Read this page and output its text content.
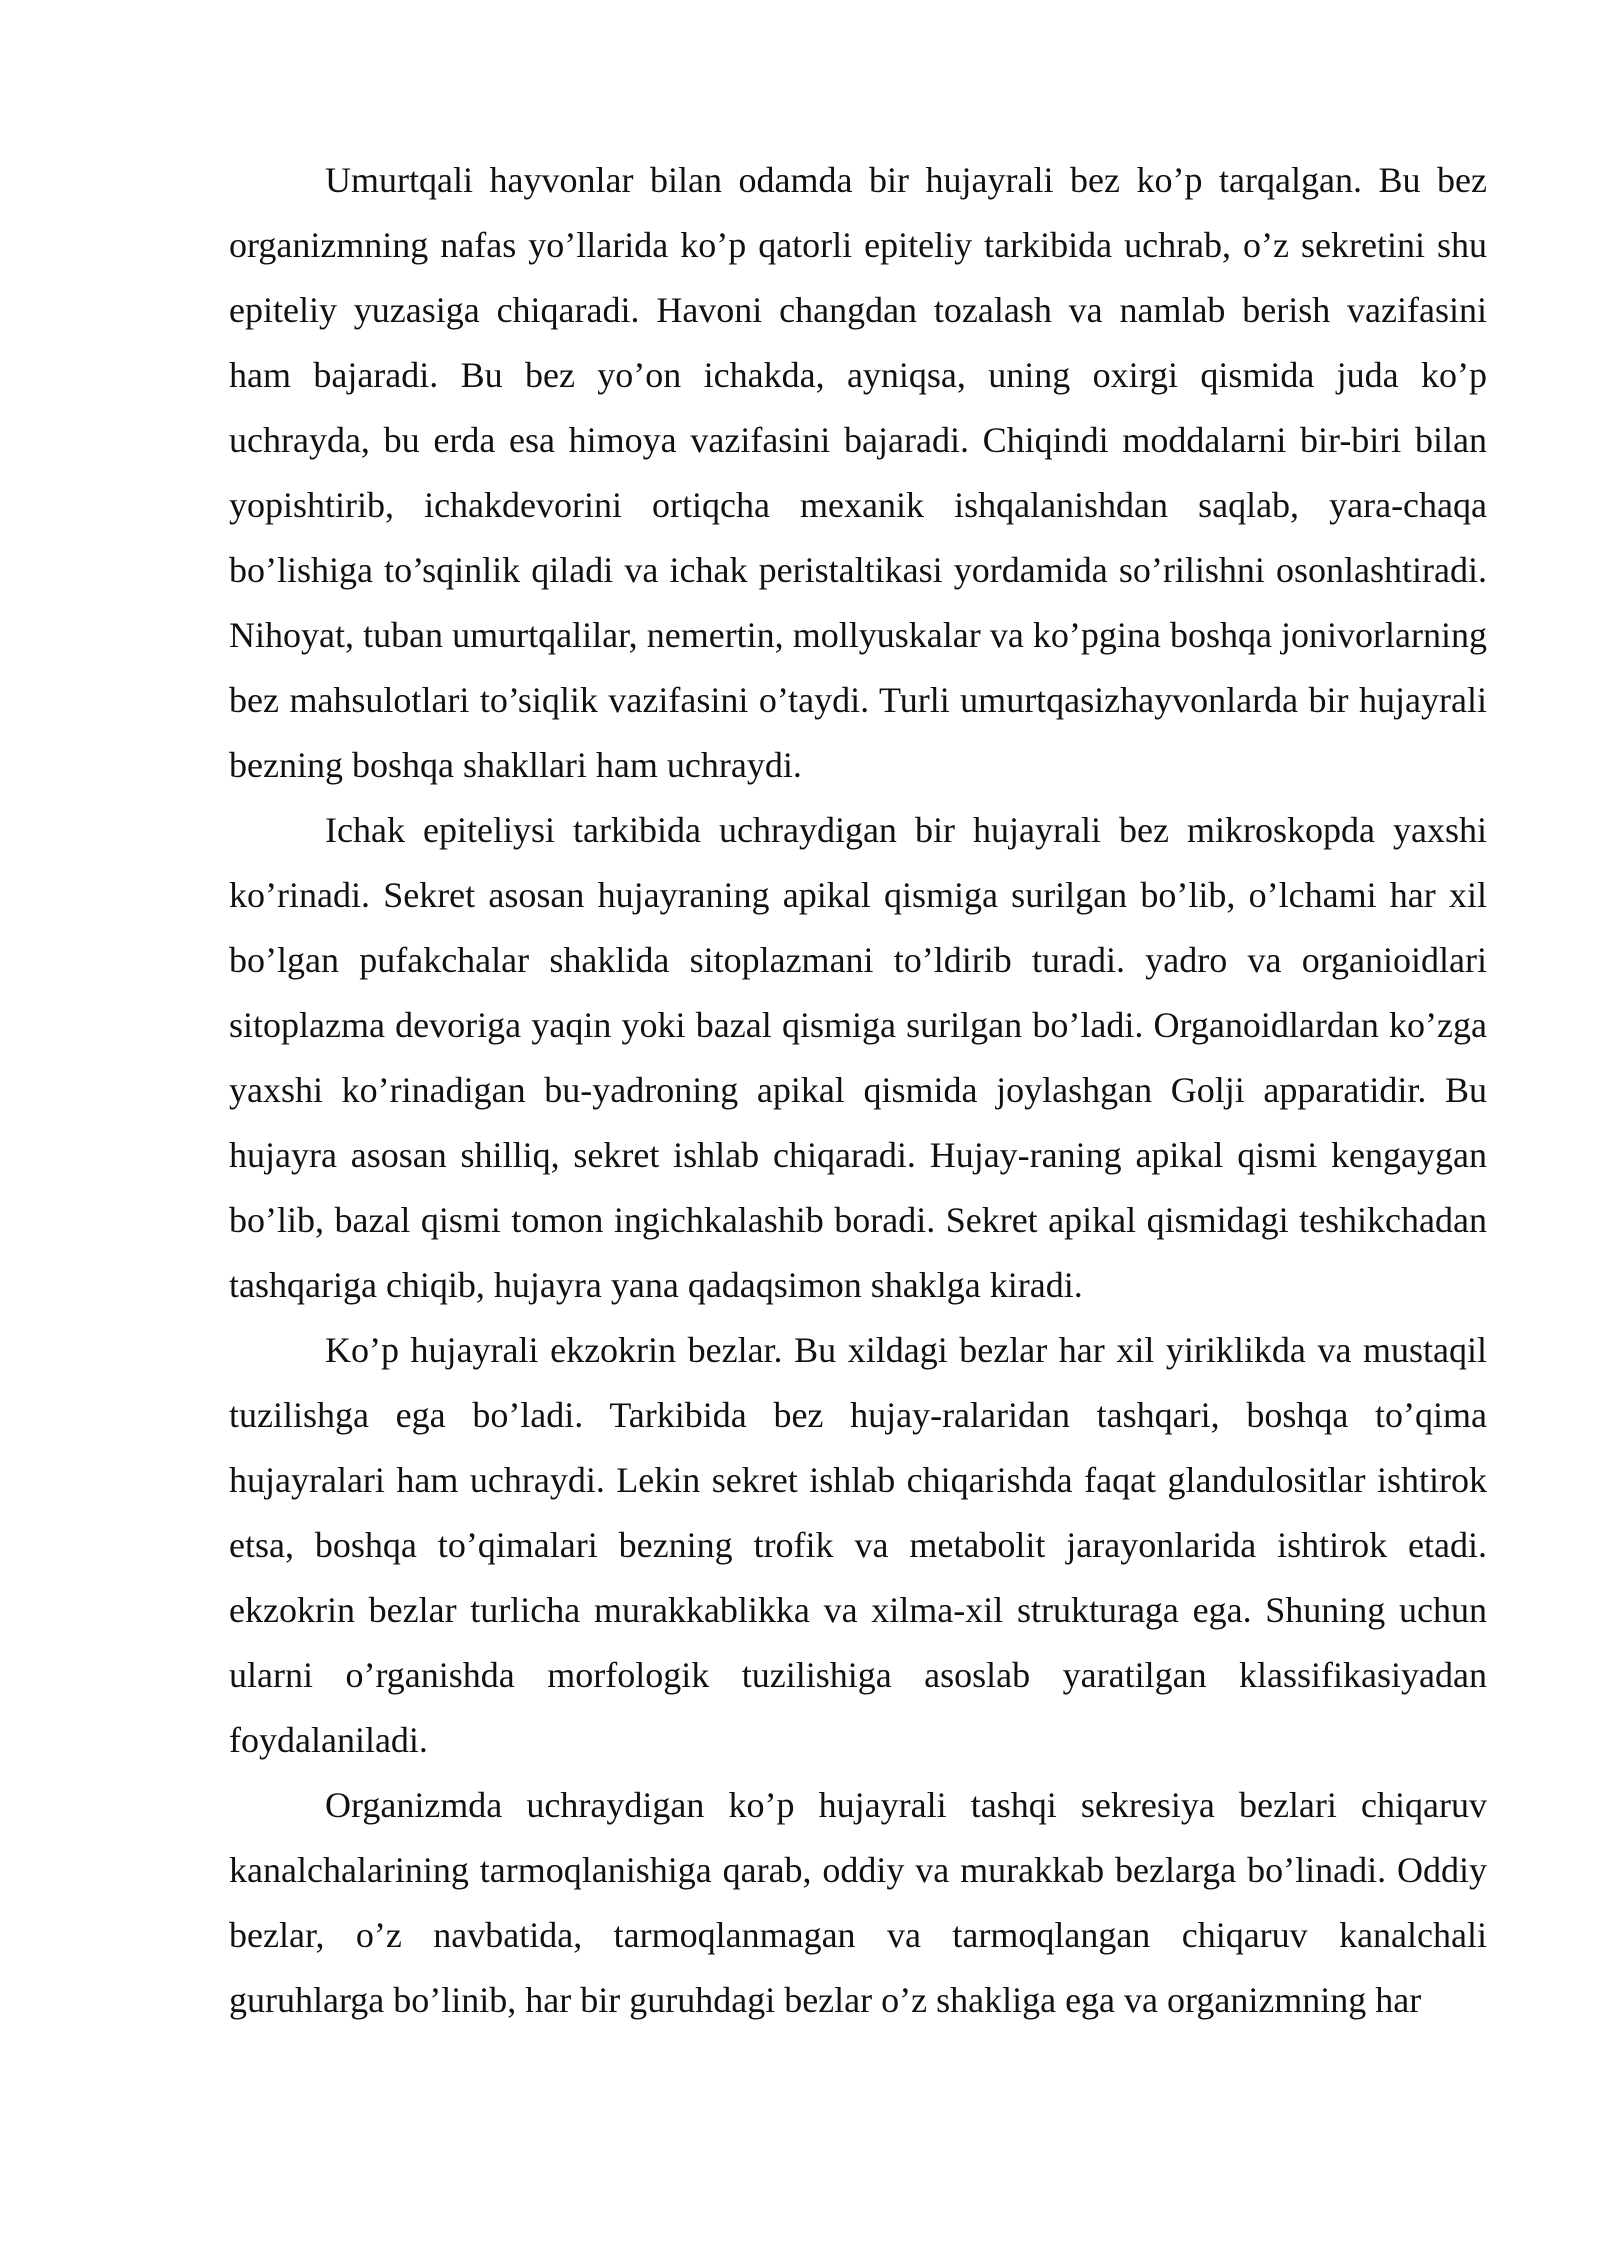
Umurtqali hayvonlar bilan odamda bir hujayrali bez ko’p tarqalgan. Bu bez organizmning nafas yo’llarida ko’p qatorli epiteliy tarkibida uchrab, o’z sekretini shu epiteliy yuzasiga chiqaradi. Havoni changdan tozalash va namlab berish vazifasini ham bajaradi. Bu bez yo’on ichakda, ayniqsa, uning oxirgi qismida juda ko’p uchrayda, bu erda esa himoya vazifasini bajaradi. Chiqindi moddalarni bir-biri bilan yopishtirib, ichakdevorini ortiqcha mexanik ishqalanishdan saqlab, yara-chaqa bo’lishiga to’sqinlik qiladi va ichak peristaltikasi yordamida so’rilishni osonlashtiradi. Nihoyat, tuban umurtqalilar, nemertin, mollyuskalar va ko’pgina boshqa jonivorlarning bez mahsulotlari to’siqlik vazifasini o’taydi. Turli umurtqasizhayvonlarda bir hujayrali bezning boshqa shakllari ham uchraydi.

Ichak epiteliysi tarkibida uchraydigan bir hujayrali bez mikroskopda yaxshi ko’rinadi. Sekret asosan hujayraning apikal qismiga surilgan bo’lib, o’lchami har xil bo’lgan pufakchalar shaklida sitoplazmani to’ldirib turadi. yadro va organioidlari sitoplazma devoriga yaqin yoki bazal qismiga surilgan bo’ladi. Organoidlardan ko’zga yaxshi ko’rinadigan bu-yadroning apikal qismida joylashgan Golji apparatidir. Bu hujayra asosan shilliq, sekret ishlab chiqaradi. Hujay-raning apikal qismi kengaygan bo’lib, bazal qismi tomon ingichkalashib boradi. Sekret apikal qismidagi teshikchadan tashqariga chiqib, hujayra yana qadaqsimon shaklga kiradi.

Ko’p hujayrali ekzokrin bezlar. Bu xildagi bezlar har xil yiriklikda va mustaqil tuzilishga ega bo’ladi. Tarkibida bez hujay-ralaridan tashqari, boshqa to’qima hujayralari ham uchraydi. Lekin sekret ishlab chiqarishda faqat glandulositlar ishtirok etsa, boshqa to’qimalari bezning trofik va metabolit jarayonlarida ishtirok etadi. ekzokrin bezlar turlicha murakkablikka va xilma-xil strukturaga ega. Shuning uchun ularni o’rganishda morfologik tuzilishiga asoslab yaratilgan klassifikasiyadan foydalaniladi.

Organizmda uchraydigan ko’p hujayrali tashqi sekresiya bezlari chiqaruv kanalchalarining tarmoqlanishiga qarab, oddiy va murakkab bezlarga bo’linadi. Oddiy bezlar, o’z navbatida, tarmoqlanmagan va tarmoqlangan chiqaruv kanalchali guruhlarga bo’linib, har bir guruhdagi bezlar o’z shakliga ega va organizmning har
